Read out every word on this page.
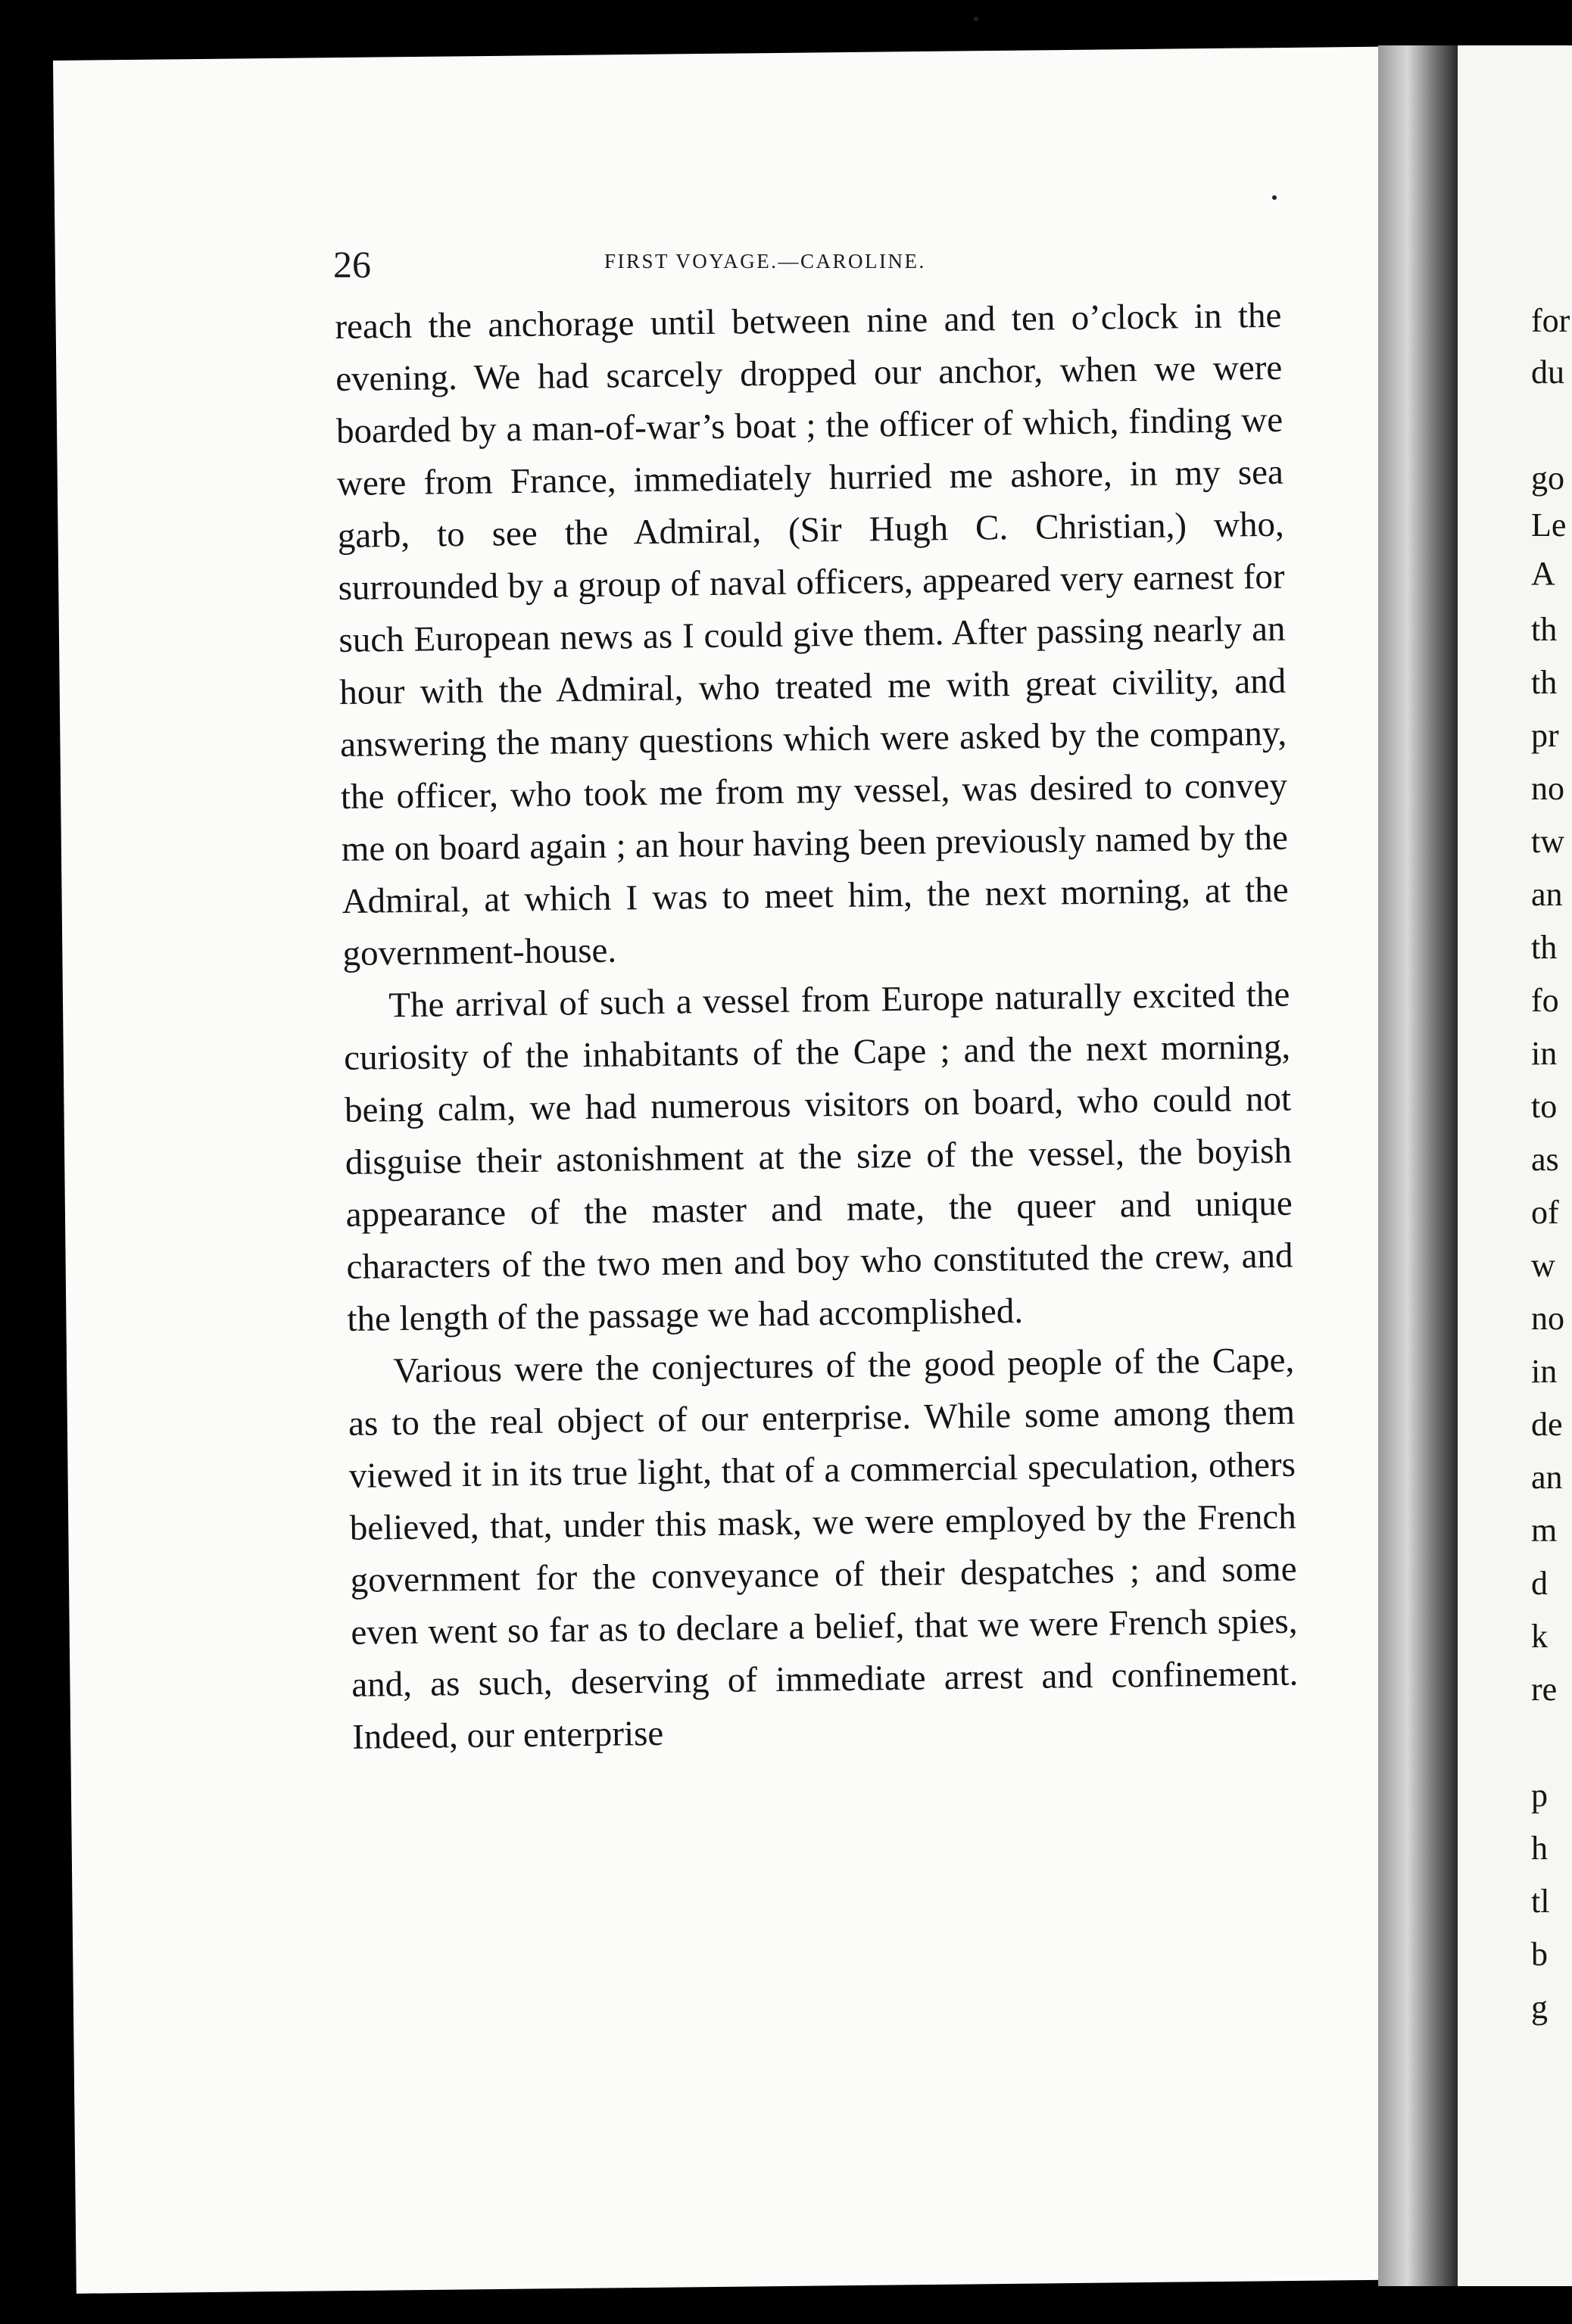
26	FIRST VOYAGE.—CAROLINE.

reach the anchorage until between nine and ten o’clock in the evening. We had scarcely dropped our anchor, when we were boarded by a man-of-war’s boat ; the officer of which, finding we were from France, immediately hurried me ashore, in my sea garb, to see the Admiral, (Sir Hugh C. Christian,) who, surrounded by a group of naval officers, appeared very earnest for such European news as I could give them. After passing nearly an hour with the Admiral, who treated me with great civility, and answering the many questions which were asked by the company, the officer, who took me from my vessel, was desired to convey me on board again ; an hour having been previously named by the Admiral, at which I was to meet him, the next morning, at the government-house.

The arrival of such a vessel from Europe naturally excited the curiosity of the inhabitants of the Cape ; and the next morning, being calm, we had numerous visitors on board, who could not disguise their astonishment at the size of the vessel, the boyish appearance of the master and mate, the queer and unique characters of the two men and boy who constituted the crew, and the length of the passage we had accomplished.

Various were the conjectures of the good people of the Cape, as to the real object of our enterprise. While some among them viewed it in its true light, that of a commercial speculation, others believed, that, under this mask, we were employed by the French government for the conveyance of their despatches ; and some even went so far as to declare a belief, that we were French spies, and, as such, deserving of immediate arrest and confinement. Indeed, our enterprise

for
du
go
Le
A
th
th
pr
no
tw
an
th
fo
in
to
as
of
w
no
in
de
an
m
d
k
re
p
h
tl
b
g
